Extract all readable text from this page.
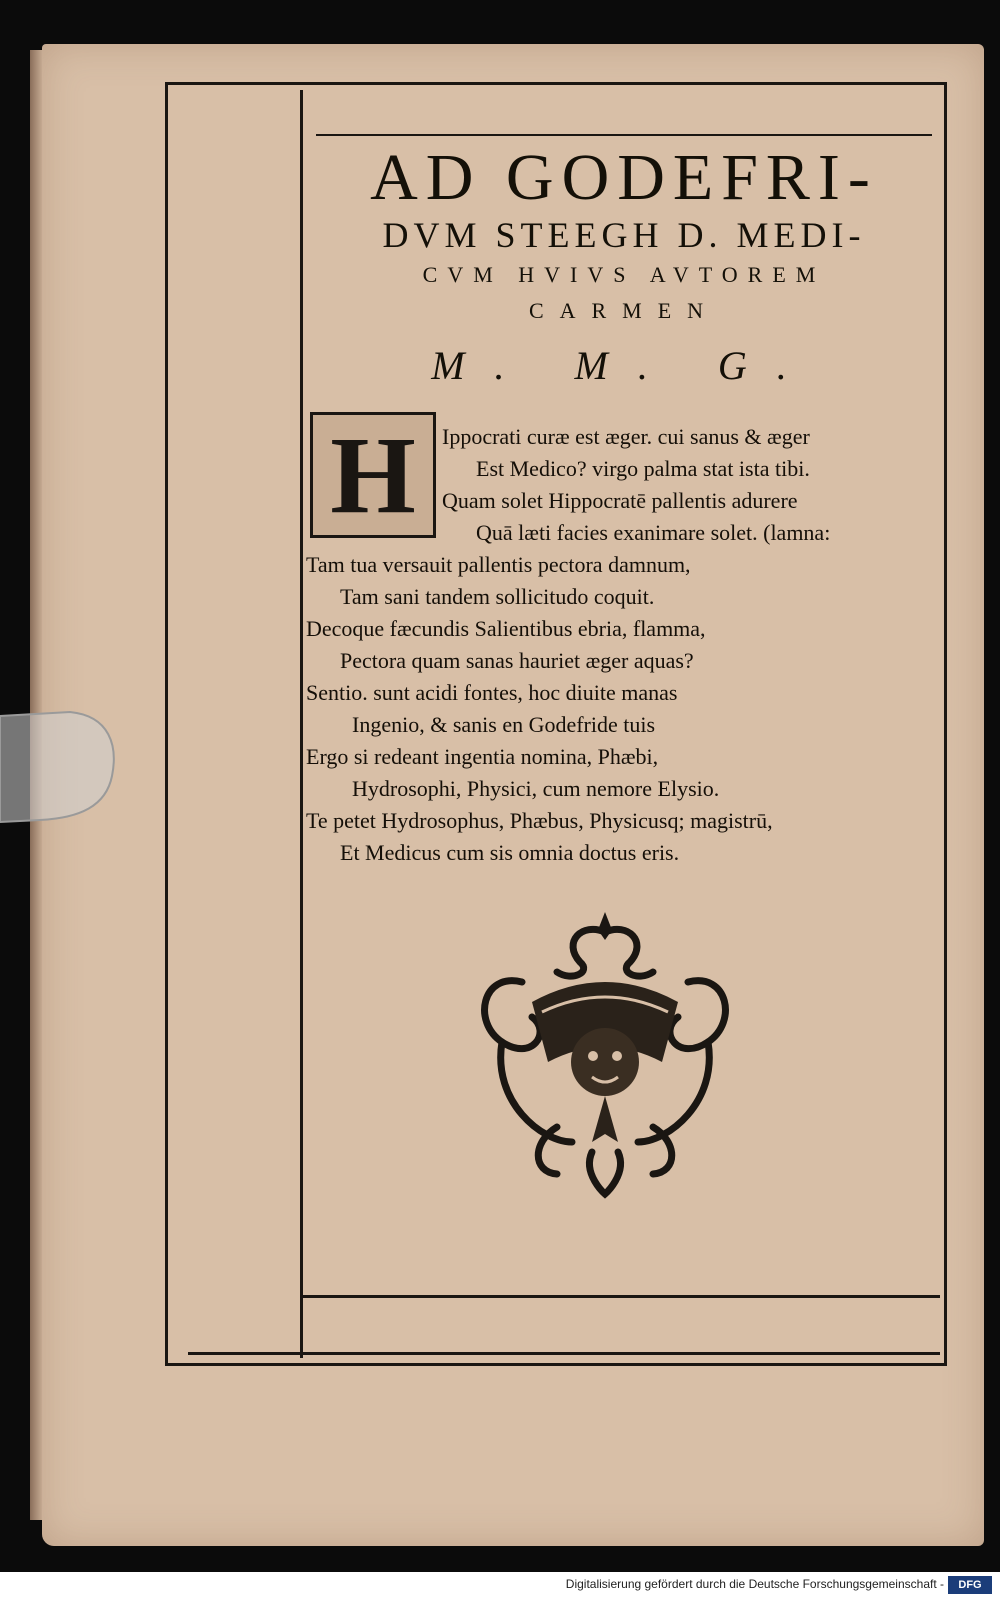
AD GODEFRI-
DVM STEEGH D. MEDI-
CVM HVIVS AVTOREM
CARMEN
M. M. G.
H	Ippocrati curæ est æger. cui sanus & æger
Est Medico? virgo palma stat ista tibi.
Quam solet Hippocratē pallentis adurere
Quā læti facies exanimare solet. (lamna:
Tam tua versauit pallentis pectora damnum,
Tam sani tandem sollicitudo coquit.
Decoque fæcundis Salientibus ebria, flamma,
Pectora quam sanas hauriet æger aquas?
Sentio. sunt acidi fontes, hoc diuite manas
Ingenio, & sanis en Godefride tuis
Ergo si redeant ingentia nomina, Phæbi,
Hydrosophi, Physici, cum nemore Elysio.
Te petet Hydrosophus, Phæbus, Physicusq; magistrū,
Et Medicus cum sis omnia doctus eris.
Digitalisierung gefördert durch die Deutsche Forschungsgemeinschaft -	DFG
